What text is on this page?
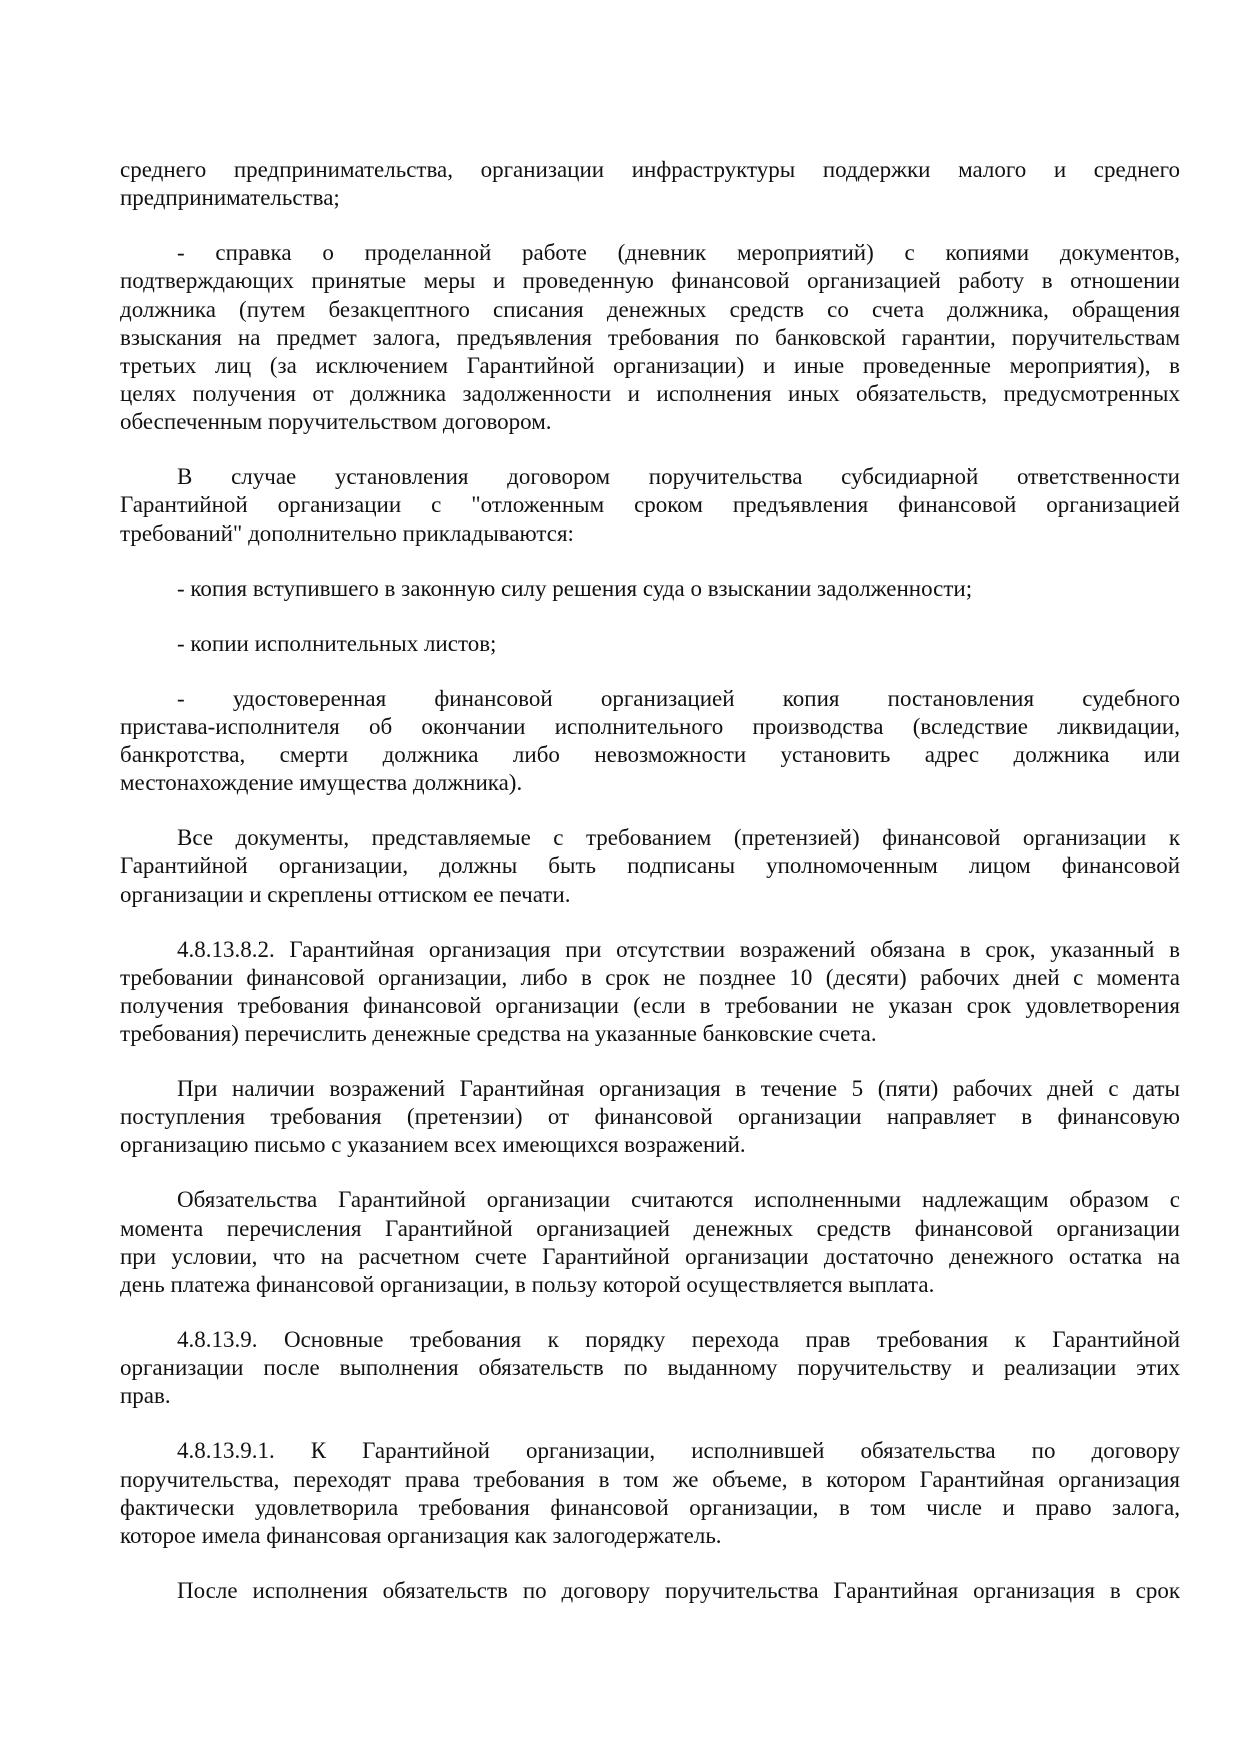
среднего предпринимательства, организации инфраструктуры поддержки малого и среднего
предпринимательства;
- справка о проделанной работе (дневник мероприятий) с копиями документов,
подтверждающих принятые меры и проведенную финансовой организацией работу в отношении
должника (путем безакцептного списания денежных средств со счета должника, обращения
взыскания на предмет залога, предъявления требования по банковской гарантии, поручительствам
третьих лиц (за исключением Гарантийной организации) и иные проведенные мероприятия), в
целях получения от должника задолженности и исполнения иных обязательств, предусмотренных
обеспеченным поручительством договором.
В случае установления договором поручительства субсидиарной ответственности
Гарантийной организации с "отложенным сроком предъявления финансовой организацией
требований" дополнительно прикладываются:
- копия вступившего в законную силу решения суда о взыскании задолженности;
- копии исполнительных листов;
- удостоверенная финансовой организацией копия постановления судебного
пристава-исполнителя об окончании исполнительного производства (вследствие ликвидации,
банкротства, смерти должника либо невозможности установить адрес должника или
местонахождение имущества должника).
Все документы, представляемые с требованием (претензией) финансовой организации к
Гарантийной организации, должны быть подписаны уполномоченным лицом финансовой
организации и скреплены оттиском ее печати.
4.8.13.8.2. Гарантийная организация при отсутствии возражений обязана в срок, указанный в
требовании финансовой организации, либо в срок не позднее 10 (десяти) рабочих дней с момента
получения требования финансовой организации (если в требовании не указан срок удовлетворения
требования) перечислить денежные средства на указанные банковские счета.
При наличии возражений Гарантийная организация в течение 5 (пяти) рабочих дней с даты
поступления требования (претензии) от финансовой организации направляет в финансовую
организацию письмо с указанием всех имеющихся возражений.
Обязательства Гарантийной организации считаются исполненными надлежащим образом с
момента перечисления Гарантийной организацией денежных средств финансовой организации
при условии, что на расчетном счете Гарантийной организации достаточно денежного остатка на
день платежа финансовой организации, в пользу которой осуществляется выплата.
4.8.13.9. Основные требования к порядку перехода прав требования к Гарантийной
организации после выполнения обязательств по выданному поручительству и реализации этих
прав.
4.8.13.9.1. К Гарантийной организации, исполнившей обязательства по договору
поручительства, переходят права требования в том же объеме, в котором Гарантийная организация
фактически удовлетворила требования финансовой организации, в том числе и право залога,
которое имела финансовая организация как залогодержатель.
После исполнения обязательств по договору поручительства Гарантийная организация в срок
